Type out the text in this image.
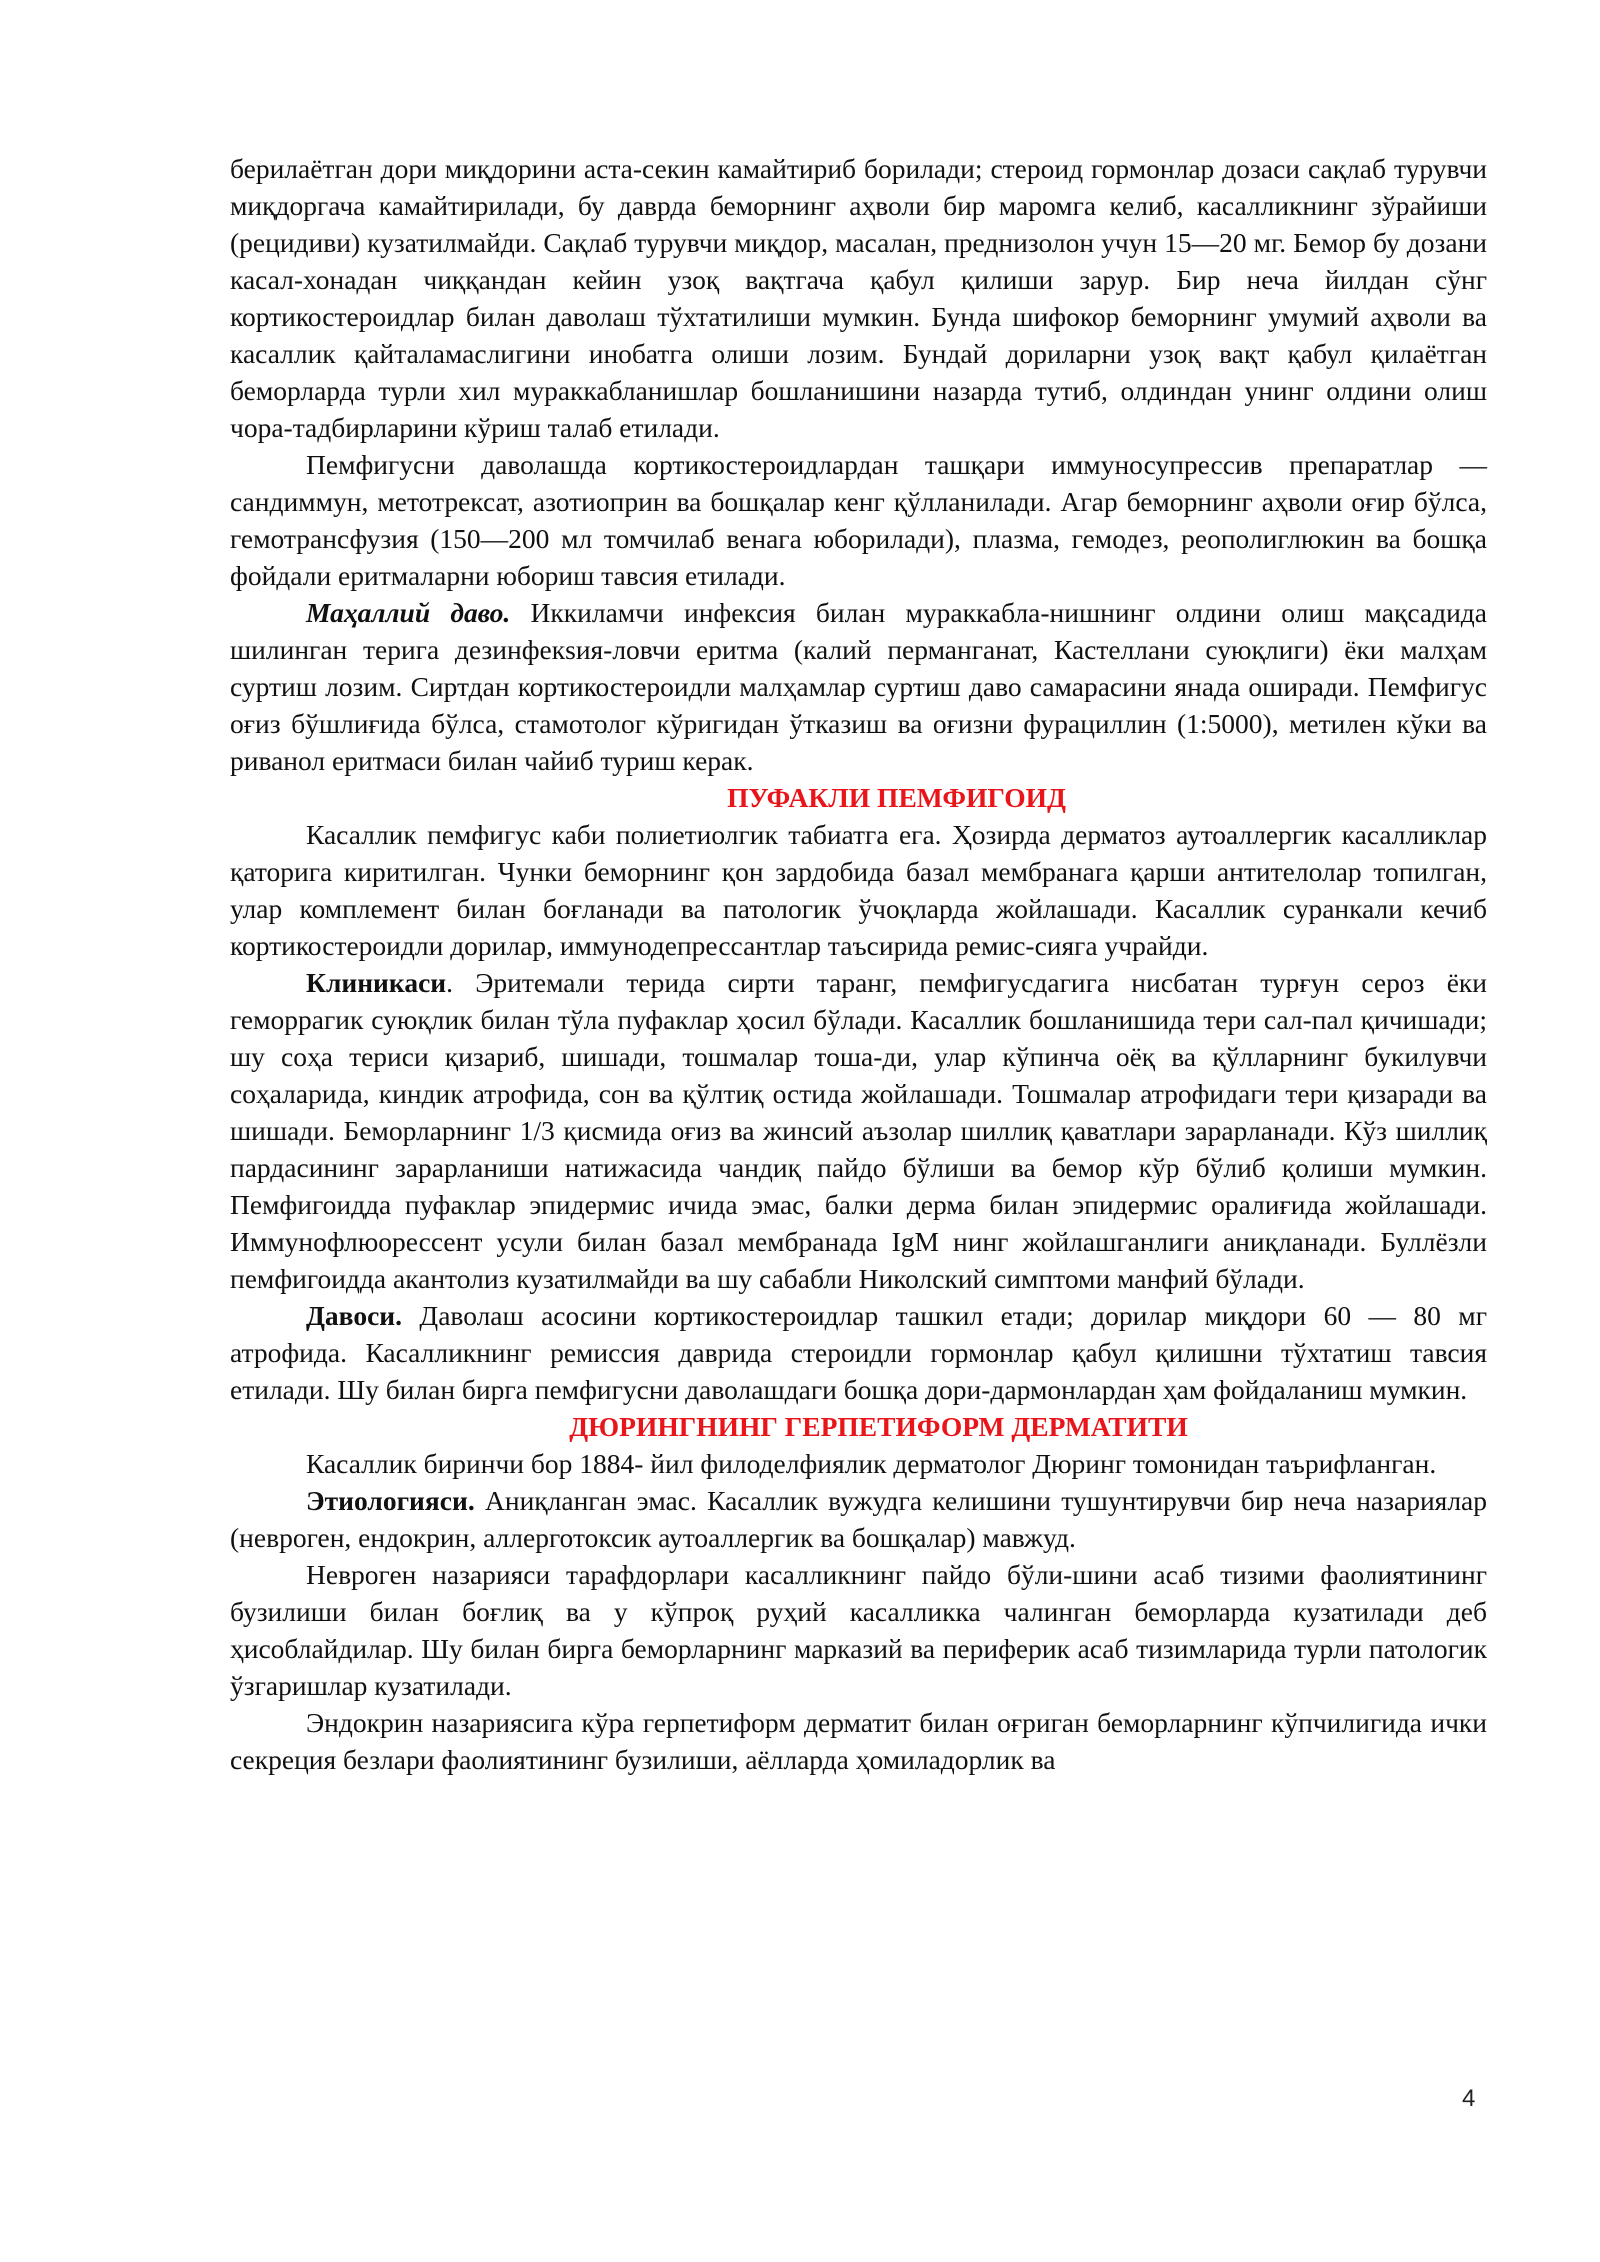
берилаётган дори миқдорини аста-секин камайтириб борилади; стероид гормонлар дозаси сақлаб турувчи миқдоргача камайтирилади, бу даврда беморнинг аҳволи бир маромга келиб, касалликнинг зўрайиши (рецидиви) кузатилмайди. Сақлаб турувчи миқдор, масалан, преднизолон учун 15—20 мг. Бемор бу дозани касал-хонадан чиққандан кейин узоқ вақтгача қабул қилиши зарур. Бир неча йилдан сўнг кортикостероидлар билан даволаш тўхтатилиши мумкин. Бунда шифокор беморнинг умумий аҳволи ва касаллик қайталамаслигини инобатга олиши лозим. Бундай дориларни узоқ вақт қабул қилаётган беморларда турли хил мураккабланишлар бошланишини назарда тутиб, олдиндан унинг олдини олиш чора-тадбирларини кўриш талаб етилади.

Пемфигусни даволашда кортикостероидлардан ташқари иммуносупрессив препаратлар — сандиммун, метотрексат, азотиоприн ва бошқалар кенг қўлланилади. Агар беморнинг аҳволи оғир бўлса, гемотрансфузия (150—200 мл томчилаб венага юборилади), плазма, гемодез, реополиглюкин ва бошқа фойдали еритмаларни юбориш тавсия етилади.

Маҳаллий даво. Иккиламчи инфексия билан мураккабла-нишнинг олдини олиш мақсадида шилинган терига дезинфекsия-ловчи еритма (калий перманганат, Кастеллани суюқлиги) ёки малҳам суртиш лозим. Сиртдан кортикостероидли малҳамлар суртиш даво самарасини янада оширади. Пемфигус оғиз бўшлиғида бўлса, стамотолог кўригидан ўтказиш ва оғизни фурациллин (1:5000), метилен кўки ва риванол еритмаси билан чайиб туриш керак.

ПУФАКЛИ ПЕМФИГОИД

Касаллик пемфигус каби полиетиолгик табиатга ега. Ҳозирда дерматоз аутоаллергик касалликлар қаторига киритилган. Чунки беморнинг қон зардобида базал мембранага қарши антителолар топилган, улар комплемент билан боғланади ва патологик ўчоқларда жойлашади. Касаллик суранкали кечиб кортикостероидли дорилар, иммунодепрессантлар таъсирида ремис-сияга учрайди.

Клиникаси. Эритемали терида сирти таранг, пемфигусдагига нисбатан турғун сероз ёки геморрагик суюқлик билан тўла пуфаклар ҳосил бўлади. Касаллик бошланишида тери сал-пал қичишади; шу соҳа териси қизариб, шишади, тошмалар тоша-ди, улар кўпинча оёқ ва қўлларнинг букилувчи соҳаларида, киндик атрофида, сон ва қўлтиқ остида жойлашади. Тошмалар атрофидаги тери қизаради ва шишади. Беморларнинг 1/3 қисмида оғиз ва жинсий аъзолар шиллиқ қаватлари зарарланади. Кўз шиллиқ пардасининг зарарланиши натижасида чандиқ пайдо бўлиши ва бемор кўр бўлиб қолиши мумкин. Пемфигоидда пуфаклар эпидермис ичида эмас, балки дерма билан эпидермис оралиғида жойлашади. Иммунофлюорессент усули билан базал мембранада IgM нинг жойлашганлиги аниқланади. Буллёзли пемфигоидда акантолиз кузатилмайди ва шу сабабли Николский симптоми манфий бўлади.

Давоси. Даволаш асосини кортикостероидлар ташкил етади; дорилар миқдори 60 — 80 мг атрофида. Касалликнинг ремиссия даврида стероидли гормонлар қабул қилишни тўхтатиш тавсия етилади. Шу билан бирга пемфигусни даволашдаги бошқа дори-дармонлардан ҳам фойдаланиш мумкин.

ДЮРИНГНИНГ ГЕРПЕТИФОРМ ДЕРМАТИТИ

Касаллик биринчи бор 1884- йил филоделфиялик дерматолог Дюринг томонидан таърифланган.

Этиологияси. Аниқланган эмас. Касаллик вужудга келишини тушунтирувчи бир неча назариялар (неврoген, ендокрин, аллерготоксик аутоаллергик ва бошқалар) мавжуд.

Неврoген назарияси тарафдорлари касалликнинг пайдо бўли-шини асаб тизими фаолиятининг бузилиши билан боғлиқ ва у кўпроқ руҳий касалликка чалинган беморларда кузатилади деб ҳисоблайдилар. Шу билан бирга беморларнинг марказий ва периферик асаб тизимларида турли патологик ўзгаришлар кузатилади.

Эндокрин назариясига кўра герпетиформ дерматит билан оғриган беморларнинг кўпчилигида ички секреция безлари фаолиятининг бузилиши, аёлларда ҳомиладорлик ва

4
